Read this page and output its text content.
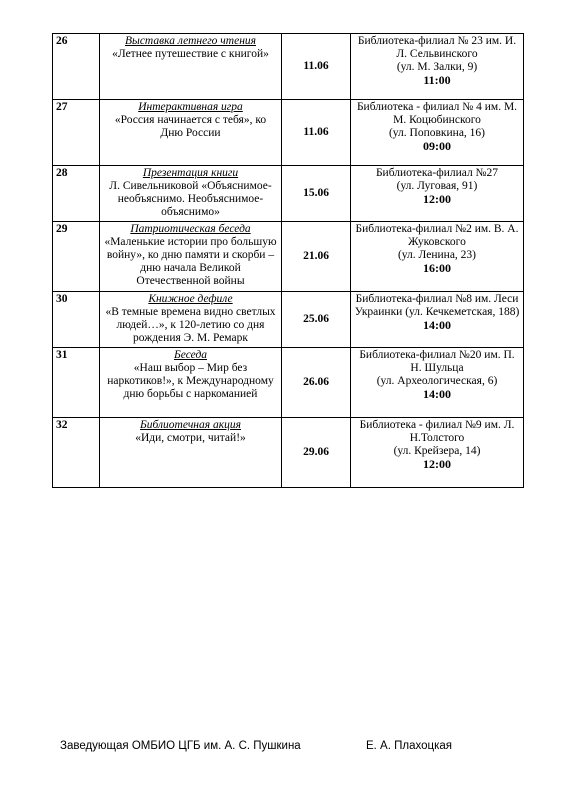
26	Выставка летнего чтения
«Летнее путешествие с книгой»	11.06	Библиотека-филиал № 23 им. И. Л. Сельвинского
(ул. М. Залки, 9)
11:00

27	Интерактивная игра
«Россия начинается с тебя», ко Дню России	11.06	Библиотека - филиал № 4 им. М. М. Коцюбинского
(ул. Поповкина, 16)
09:00

28	Презентация книги
Л. Сивельниковой «Объяснимое-необъяснимо. Необъяснимое-объяснимо»	15.06	Библиотека-филиал №27
(ул. Луговая, 91)
12:00

29	Патриотическая беседа
«Маленькие истории про большую войну», ко дню памяти и скорби – дню начала Великой Отечественной войны	21.06	Библиотека-филиал №2 им. В. А. Жуковского
(ул. Ленина, 23)
16:00

30	Книжное дефиле
«В темные времена видно светлых людей…», к 120-летию со дня рождения Э. М. Ремарк	25.06	Библиотека-филиал №8 им. Леси Украинки (ул. Кечкеметская, 188)
14:00

31	Беседа
«Наш выбор – Мир без наркотиков!», к Международному дню борьбы с наркоманией	26.06	Библиотека-филиал №20 им. П. Н. Шульца
(ул. Археологическая, 6)
14:00

32	Библиотечная акция
«Иди, смотри, читай!»	29.06	Библиотека - филиал №9 им. Л. Н.Толстого
(ул. Крейзера, 14)
12:00
Заведующая ОМБИО ЦГБ им. А. С. Пушкина	Е. А. Плахоцкая
